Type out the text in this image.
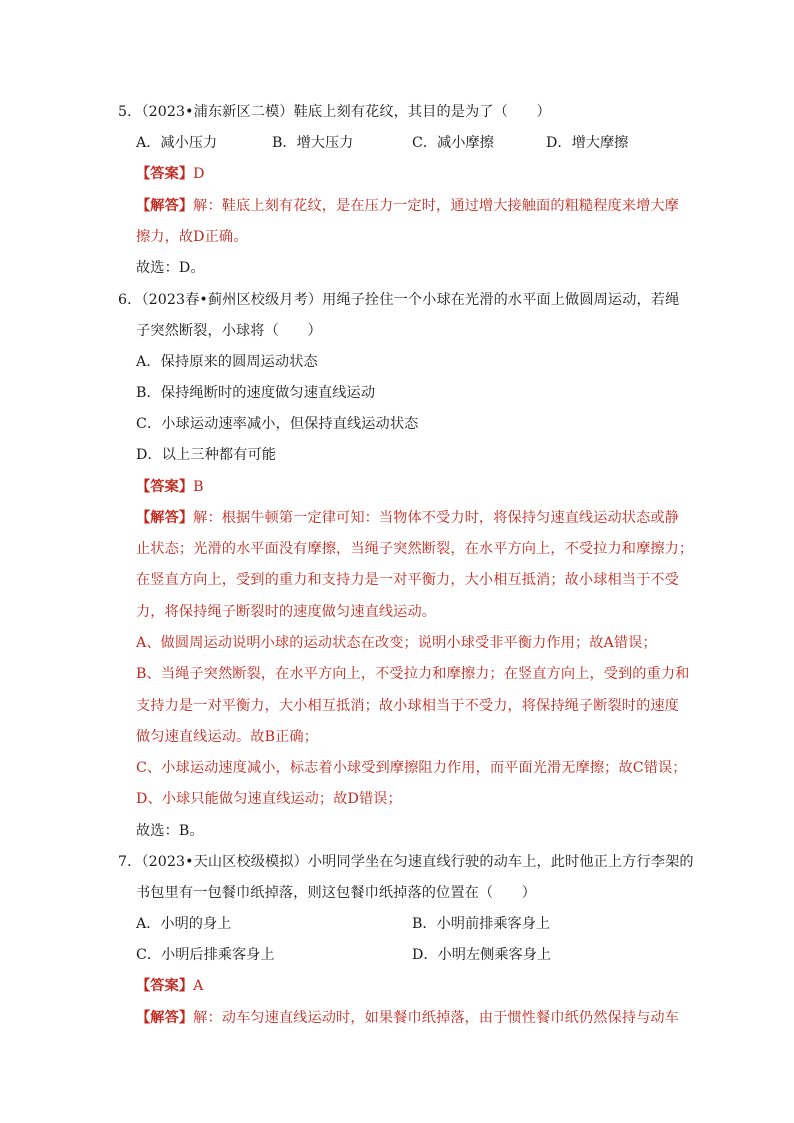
5．（2023•浦东新区二模）鞋底上刻有花纹，其目的是为了（　　）
A．减小压力	B．增大压力	C．减小摩擦	D．增大摩擦
【答案】D
【解答】解：鞋底上刻有花纹，是在压力一定时，通过增大接触面的粗糙程度来增大摩
擦力，故D正确。
故选：D。
6．（2023春•蓟州区校级月考）用绳子拴住一个小球在光滑的水平面上做圆周运动，若绳
子突然断裂，小球将（　　）
A．保持原来的圆周运动状态
B．保持绳断时的速度做匀速直线运动
C．小球运动速率减小，但保持直线运动状态
D．以上三种都有可能
【答案】B
【解答】解：根据牛顿第一定律可知：当物体不受力时，将保持匀速直线运动状态或静
止状态；光滑的水平面没有摩擦，当绳子突然断裂，在水平方向上，不受拉力和摩擦力；
在竖直方向上，受到的重力和支持力是一对平衡力，大小相互抵消；故小球相当于不受
力，将保持绳子断裂时的速度做匀速直线运动。
A、做圆周运动说明小球的运动状态在改变；说明小球受非平衡力作用；故A错误；
B、当绳子突然断裂，在水平方向上，不受拉力和摩擦力；在竖直方向上，受到的重力和
支持力是一对平衡力，大小相互抵消；故小球相当于不受力，将保持绳子断裂时的速度
做匀速直线运动。故B正确；
C、小球运动速度减小，标志着小球受到摩擦阻力作用，而平面光滑无摩擦；故C错误；
D、小球只能做匀速直线运动；故D错误；
故选：B。
7．（2023•天山区校级模拟）小明同学坐在匀速直线行驶的动车上，此时他正上方行李架的
书包里有一包餐巾纸掉落，则这包餐巾纸掉落的位置在（　　）
A．小明的身上	B．小明前排乘客身上
C．小明后排乘客身上	D．小明左侧乘客身上
【答案】A
【解答】解：动车匀速直线运动时，如果餐巾纸掉落，由于惯性餐巾纸仍然保持与动车
